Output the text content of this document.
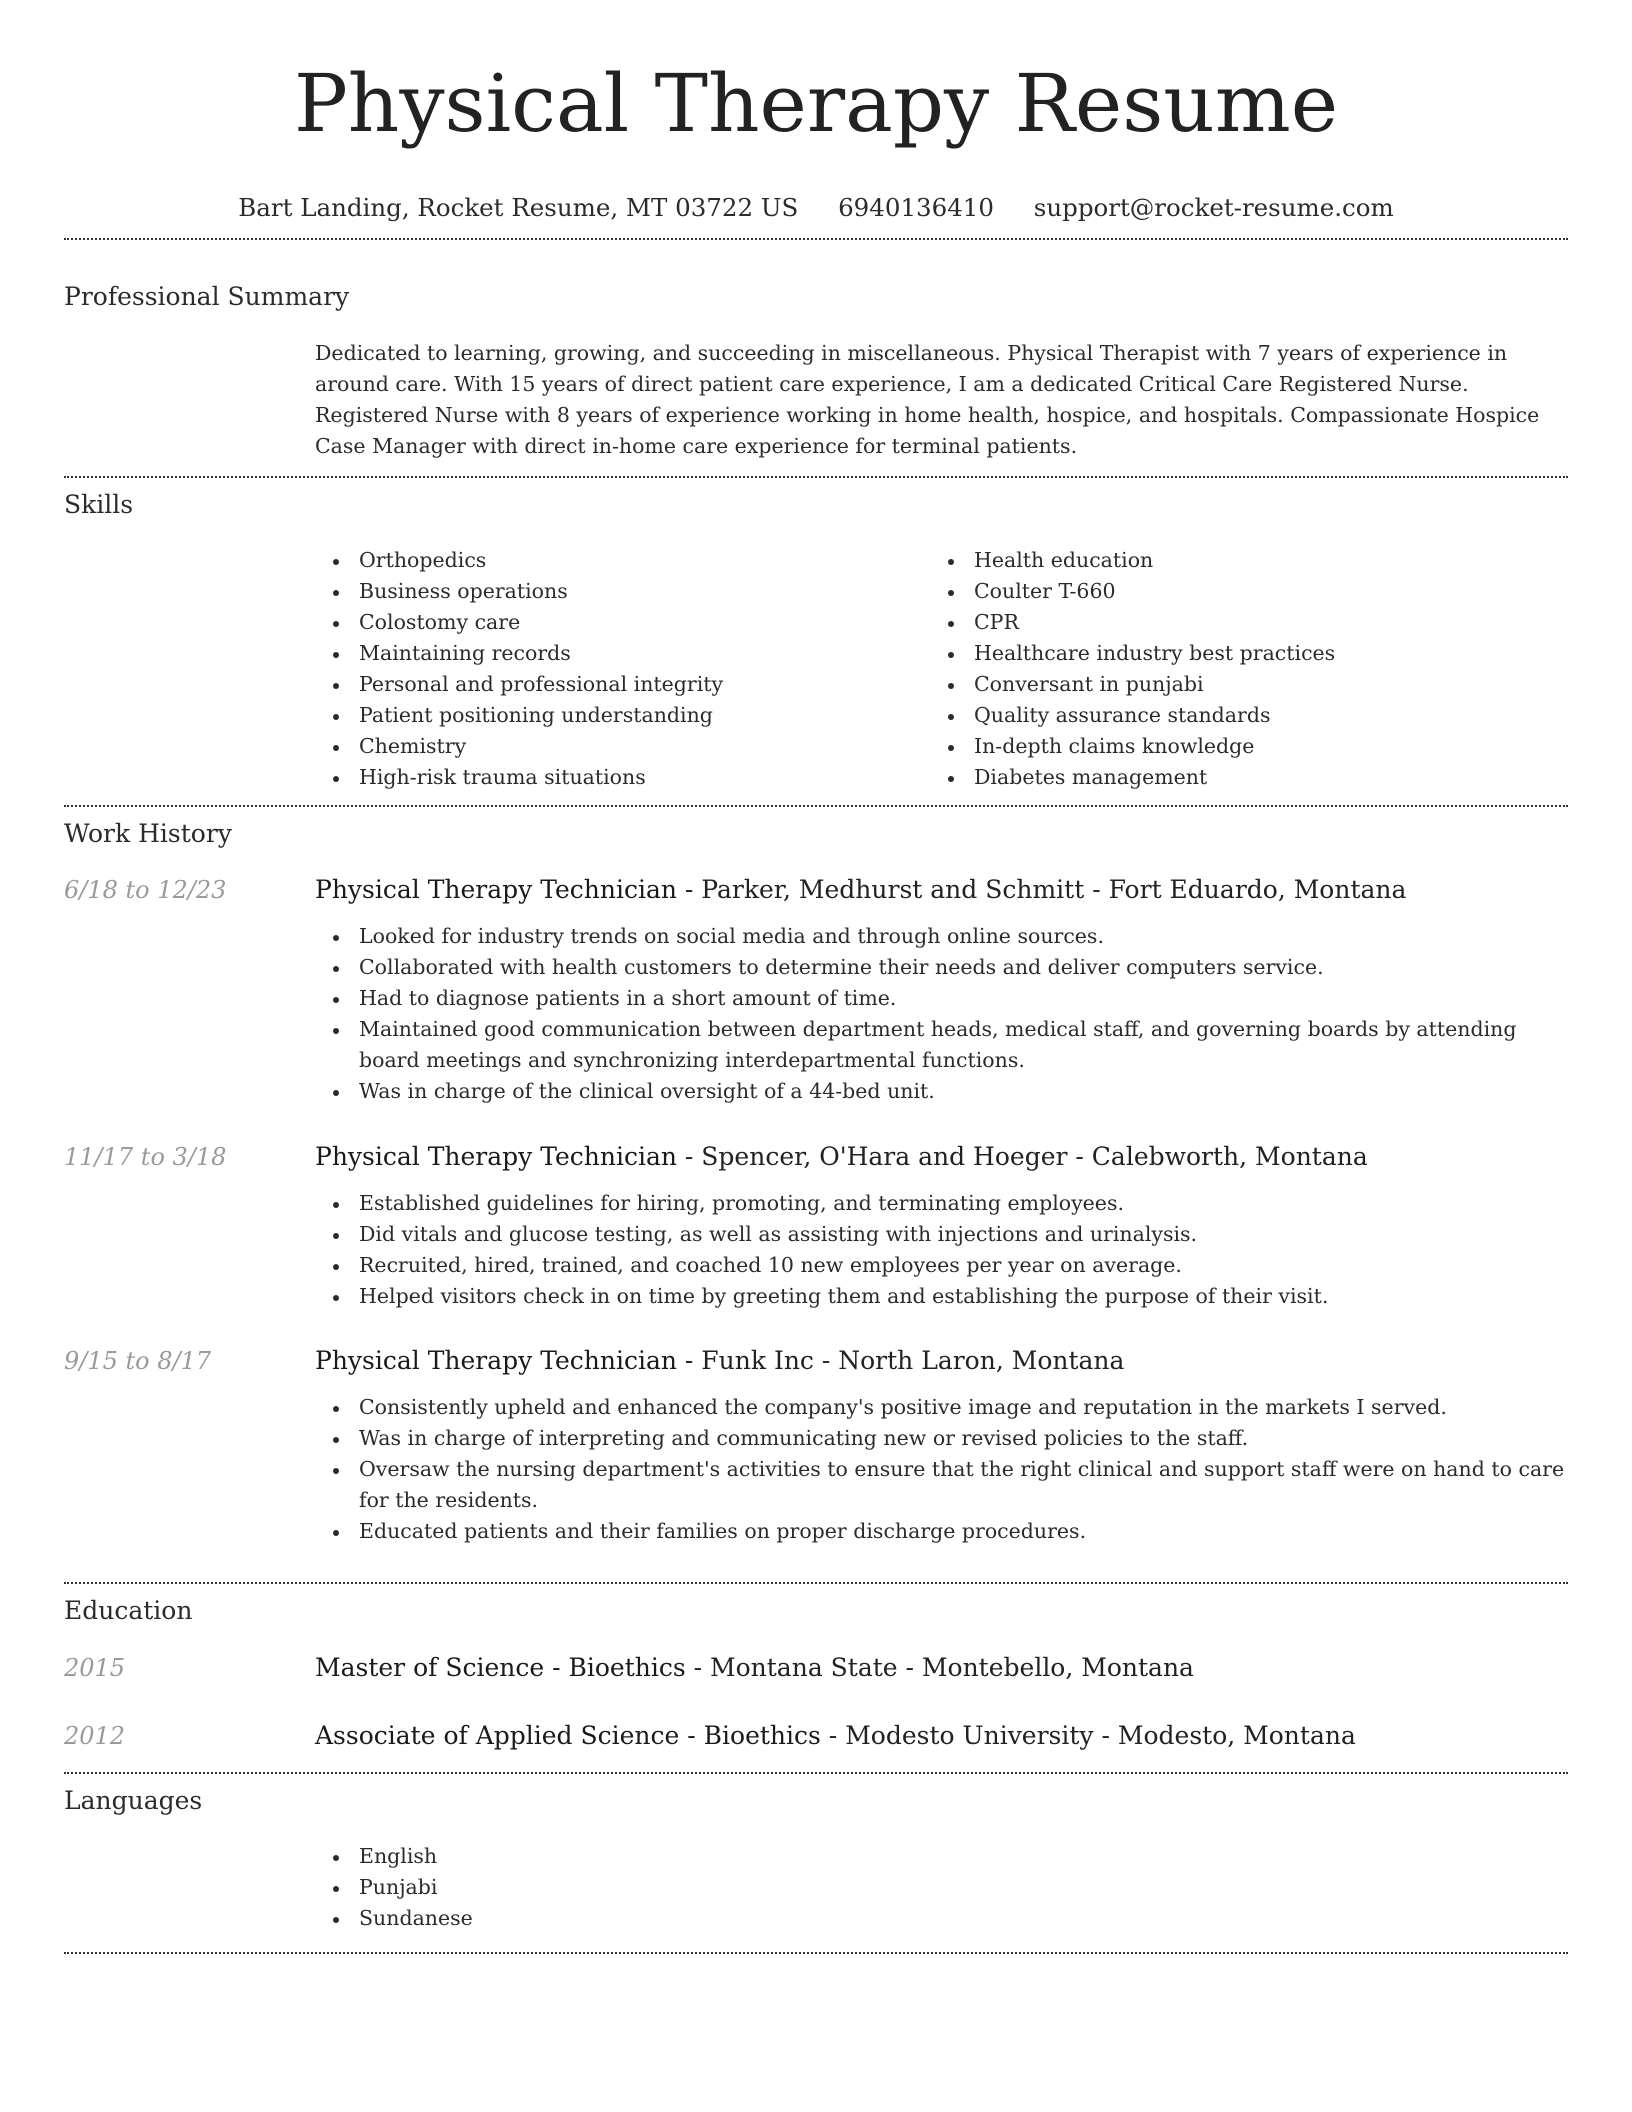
Physical Therapy Resume
Bart Landing, Rocket Resume, MT 03722 US 6940136410 support@rocket-resume.com
Professional Summary

Dedicated to learning, growing, and succeeding in miscellaneous. Physical Therapist with 7 years of experience in around care. With 15 years of direct patient care experience, I am a dedicated Critical Care Registered Nurse. Registered Nurse with 8 years of experience working in home health, hospice, and hospitals. Compassionate Hospice Case Manager with direct in-home care experience for terminal patients.

Skills
Orthopedics
Business operations
Colostomy care
Maintaining records
Personal and professional integrity
Patient positioning understanding
Chemistry
High-risk trauma situations
Health education
Coulter T-660
CPR
Healthcare industry best practices
Conversant in punjabi
Quality assurance standards
In-depth claims knowledge
Diabetes management
Work History
6/18 to 12/23	Physical Therapy Technician - Parker, Medhurst and Schmitt - Fort Eduardo, Montana
Looked for industry trends on social media and through online sources.
Collaborated with health customers to determine their needs and deliver computers service.
Had to diagnose patients in a short amount of time.
Maintained good communication between department heads, medical staff, and governing boards by attending board meetings and synchronizing interdepartmental functions.
Was in charge of the clinical oversight of a 44-bed unit.
11/17 to 3/18	Physical Therapy Technician - Spencer, O'Hara and Hoeger - Calebworth, Montana
Established guidelines for hiring, promoting, and terminating employees.
Did vitals and glucose testing, as well as assisting with injections and urinalysis.
Recruited, hired, trained, and coached 10 new employees per year on average.
Helped visitors check in on time by greeting them and establishing the purpose of their visit.
9/15 to 8/17	Physical Therapy Technician - Funk Inc - North Laron, Montana
Consistently upheld and enhanced the company's positive image and reputation in the markets I served.
Was in charge of interpreting and communicating new or revised policies to the staff.
Oversaw the nursing department's activities to ensure that the right clinical and support staff were on hand to care for the residents.
Educated patients and their families on proper discharge procedures.
Education
2015	Master of Science - Bioethics - Montana State - Montebello, Montana
2012	Associate of Applied Science - Bioethics - Modesto University - Modesto, Montana
Languages
English
Punjabi
Sundanese
